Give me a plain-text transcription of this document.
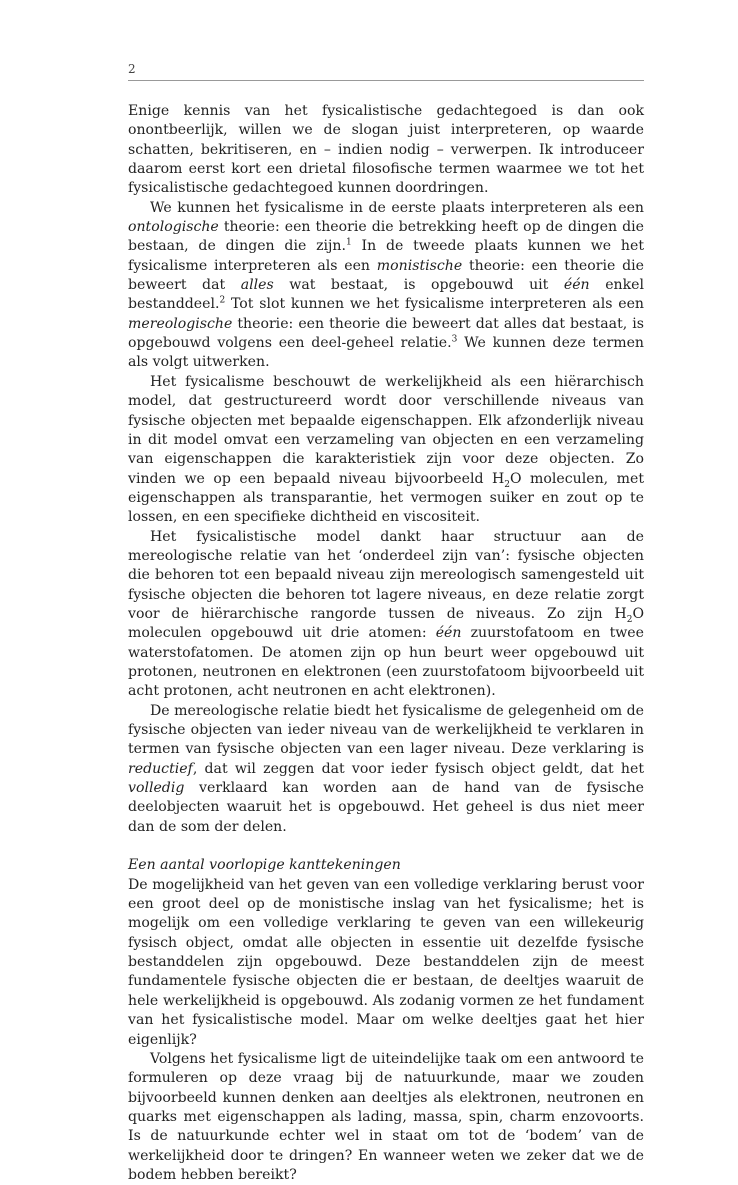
2

Enige kennis van het fysicalistische gedachtegoed is dan ook onontbeerlijk, willen we de slogan juist interpreteren, op waarde schatten, bekritiseren, en – indien nodig – verwerpen. Ik introduceer daarom eerst kort een drietal filosofische termen waarmee we tot het fysicalistische gedachtegoed kunnen doordringen.

We kunnen het fysicalisme in de eerste plaats interpreteren als een ontologische theorie: een theorie die betrekking heeft op de dingen die bestaan, de dingen die zijn.$^1$ In de tweede plaats kunnen we het fysicalisme interpreteren als een monistische theorie: een theorie die beweert dat alles wat bestaat, is opgebouwd uit één enkel bestanddeel.$^2$ Tot slot kunnen we het fysicalisme interpreteren als een mereologische theorie: een theorie die beweert dat alles dat bestaat, is opgebouwd volgens een deel-geheel relatie.$^3$ We kunnen deze termen als volgt uitwerken.

Het fysicalisme beschouwt de werkelijkheid als een hiërarchisch model, dat gestructureerd wordt door verschillende niveaus van fysische objecten met bepaalde eigenschappen. Elk afzonderlijk niveau in dit model omvat een verzameling van objecten en een verzameling van eigenschappen die karakteristiek zijn voor deze objecten. Zo vinden we op een bepaald niveau bijvoorbeeld $H_2O$ moleculen, met eigenschappen als transparantie, het vermogen suiker en zout op te lossen, en een specifieke dichtheid en viscositeit.

Het fysicalistische model dankt haar structuur aan de mereologische relatie van het ‘onderdeel zijn van’: fysische objecten die behoren tot een bepaald niveau zijn mereologisch samengesteld uit fysische objecten die behoren tot lagere niveaus, en deze relatie zorgt voor de hiërarchische rangorde tussen de niveaus. Zo zijn $H_2O$ moleculen opgebouwd uit drie atomen: één zuurstofatoom en twee waterstofatomen. De atomen zijn op hun beurt weer opgebouwd uit protonen, neutronen en elektronen (een zuurstofatoom bijvoorbeeld uit acht protonen, acht neutronen en acht elektronen).

De mereologische relatie biedt het fysicalisme de gelegenheid om de fysische objecten van ieder niveau van de werkelijkheid te verklaren in termen van fysische objecten van een lager niveau. Deze verklaring is reductief, dat wil zeggen dat voor ieder fysisch object geldt, dat het volledig verklaard kan worden aan de hand van de fysische deelobjecten waaruit het is opgebouwd. Het geheel is dus niet meer dan de som der delen.

Een aantal voorlopige kanttekeningen

De mogelijkheid van het geven van een volledige verklaring berust voor een groot deel op de monistische inslag van het fysicalisme; het is mogelijk om een volledige verklaring te geven van een willekeurig fysisch object, omdat alle objecten in essentie uit dezelfde fysische bestanddelen zijn opgebouwd. Deze bestanddelen zijn de meest fundamentele fysische objecten die er bestaan, de deeltjes waaruit de hele werkelijkheid is opgebouwd. Als zodanig vormen ze het fundament van het fysicalistische model. Maar om welke deeltjes gaat het hier eigenlijk?

Volgens het fysicalisme ligt de uiteindelijke taak om een antwoord te formuleren op deze vraag bij de natuurkunde, maar we zouden bijvoorbeeld kunnen denken aan deeltjes als elektronen, neutronen en quarks met eigenschappen als lading, massa, spin, charm enzovoorts. Is de natuurkunde echter wel in staat om tot de ‘bodem’ van de werkelijkheid door te dringen? En wanneer weten we zeker dat we de bodem hebben bereikt?
